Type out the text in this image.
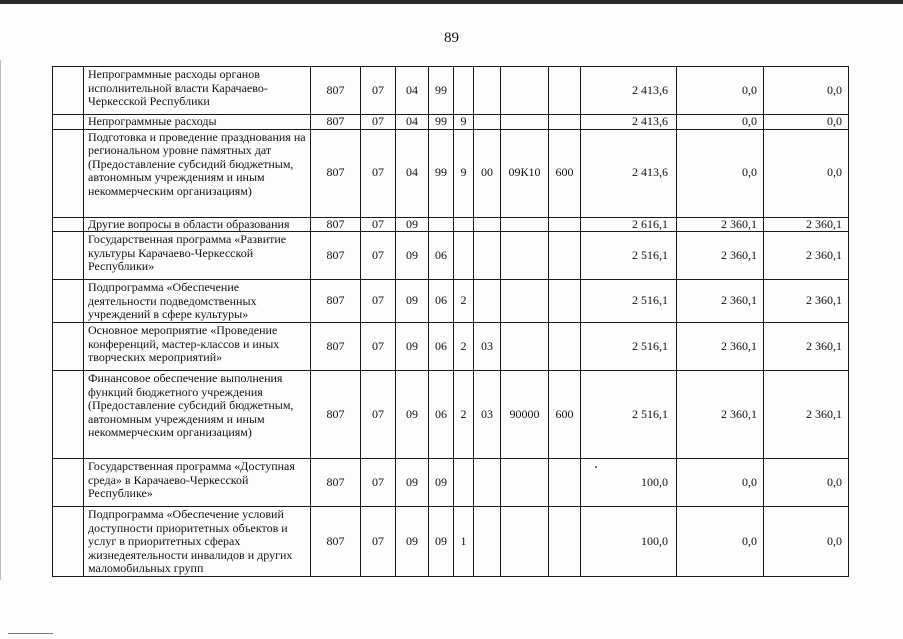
89
	Непрограммные расходы органов исполнительной власти Карачаево-Черкесской Республики	807	07	04	99					2 413,6	0,0	0,0
	Непрограммные расходы	807	07	04	99	9				2 413,6	0,0	0,0
	Подготовка и проведение празднования на региональном уровне памятных дат (Предоставление субсидий бюджетным, автономным учреждениям и иным некоммерческим организациям)	807	07	04	99	9	00	09К10	600	2 413,6	0,0	0,0
	Другие вопросы в области образования	807	07	09						2 616,1	2 360,1	2 360,1
	Государственная программа «Развитие культуры Карачаево-Черкесской Республики»	807	07	09	06					2 516,1	2 360,1	2 360,1
	Подпрограмма «Обеспечение деятельности подведомственных учреждений в сфере культуры»	807	07	09	06	2				2 516,1	2 360,1	2 360,1
	Основное мероприятие «Проведение конференций, мастер-классов и иных творческих мероприятий»	807	07	09	06	2	03			2 516,1	2 360,1	2 360,1
	Финансовое обеспечение выполнения функций бюджетного учреждения (Предоставление субсидий бюджетным, автономным учреждениям и иным некоммерческим организациям)	807	07	09	06	2	03	90000	600	2 516,1	2 360,1	2 360,1
	Государственная программа «Доступная среда» в Карачаево-Черкесской Республике»	807	07	09	09					100,0	0,0	0,0
	Подпрограмма «Обеспечение условий доступности приоритетных объектов и услуг в приоритетных сферах жизнедеятельности инвалидов и других маломобильных групп	807	07	09	09	1				100,0	0,0	0,0
